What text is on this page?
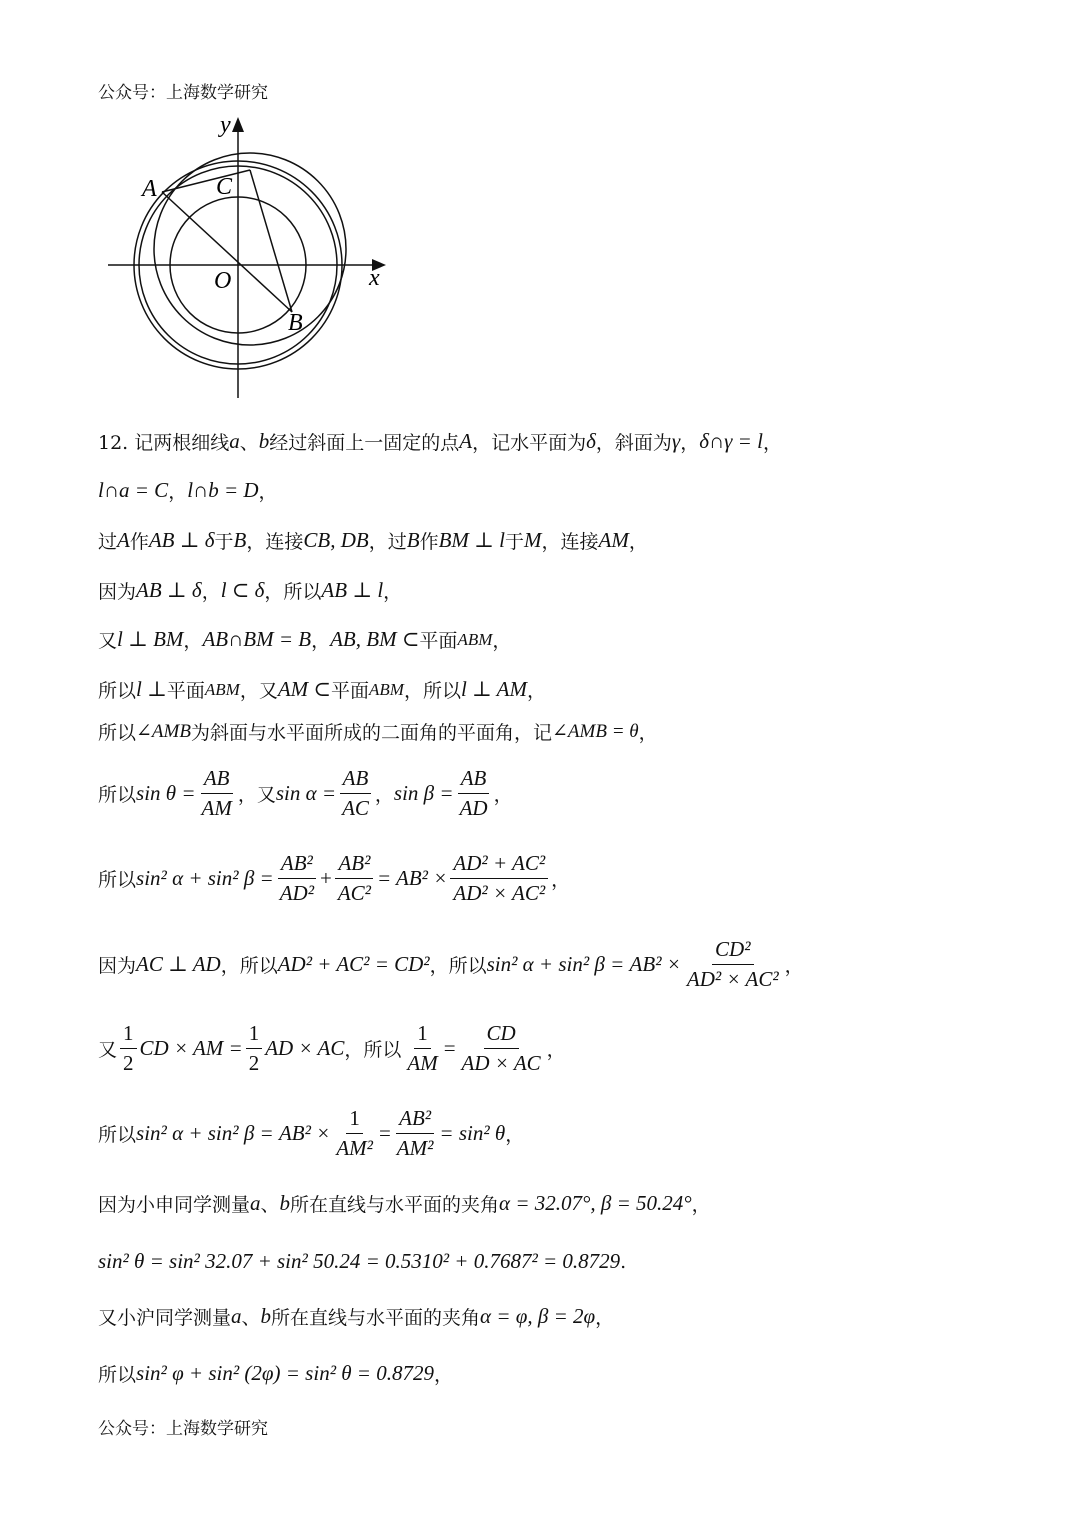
公众号：上海数学研究
y
x
A C
O
B
12. 记两根细线 a 、 b 经过斜面上一固定的点 A ，记水平面为 δ ，斜面为 γ ， δ∩γ = l ，
l∩a = C ， l∩b = D ，
过 A 作 AB ⊥ δ 于 B ，连接 CB, DB ，过 B 作 BM ⊥ l 于 M ，连接 AM ，
因为 AB ⊥ δ ， l ⊂ δ ，所以 AB ⊥ l ，
又 l ⊥ BM ， AB∩BM = B ， AB, BM ⊂ 平面 ABM ，
所以 l ⊥ 平面 ABM ，又 AM ⊂ 平面 ABM ，所以 l ⊥ AM ，
所以 ∠AMB 为斜面与水平面所成的二面角的平面角，记 ∠AMB = θ ，
所以 $\sin \theta = \frac{AB}{AM}$ ，又 $\sin \alpha = \frac{AB}{AC}$ ， $\sin \beta = \frac{AB}{AD}$ ，
所以 sin² α + sin² $\beta = \frac{\text{AB²}}{\text{AD²}} + \frac{\text{AB²}}{\text{AC²}} = AB^2 \times \frac{\text{AD² + AC²}}{\text{AD² × AC²}}$ ，
因为 AC ⊥ AD ，所以 AD² + AC² = CD² ，所以 sin² α + sin² $\beta = AB^2 \times \frac{\text{CD²}}{\text{AD² × AC²}}$ ，
又 $\frac{1}{2}$ CD × AM = $\frac{1}{2}$ AD × AC ，所以 $\frac{1}{AM} = \frac{CD}{AD \times AC}$ ，
所以 sin² α + sin² $\beta = AB^2 \times \frac{1}{\text{AM²}} = \frac{\text{AB²}}{\text{AM²}} = \sin^2$ θ ，
因为小申同学测量 a 、 b 所在直线与水平面的夹角 α = 32.07°, β = 50.24° ，
sin² θ = sin² 32.07 + sin² 50.24 = 0.5310² + 0.7687² = 0.8729 .
又小沪同学测量 a 、 b 所在直线与水平面的夹角 α = φ, β = 2φ ，
所以 sin² φ + sin² (2φ) = sin² θ = 0.8729 ，
公众号：上海数学研究
